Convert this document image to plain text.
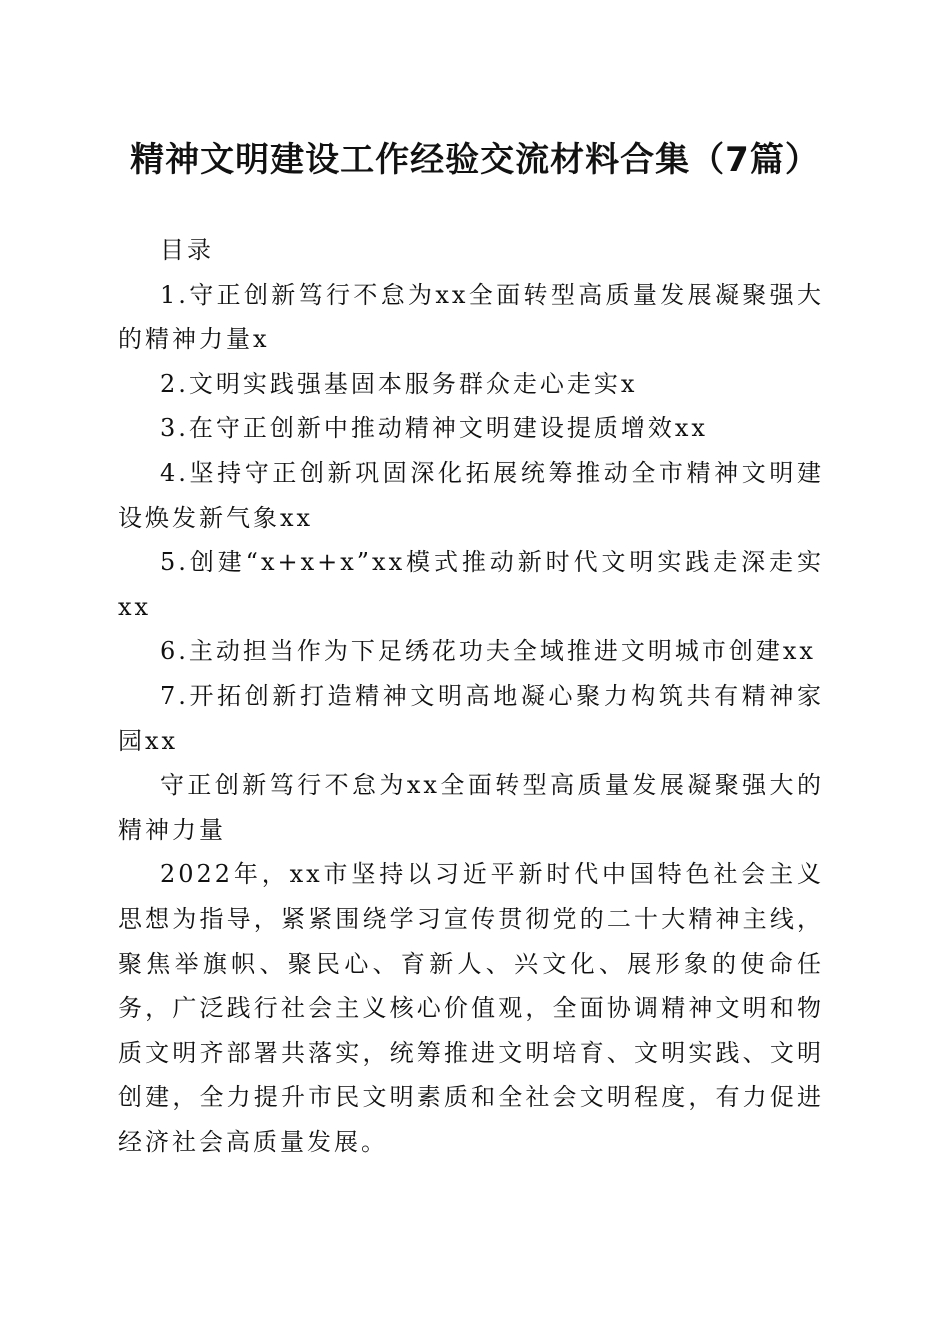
精神文明建设工作经验交流材料合集（7篇）

目录

1.守正创新笃行不怠为xx全面转型高质量发展凝聚强大的精神力量x

2.文明实践强基固本服务群众走心走实x

3.在守正创新中推动精神文明建设提质增效xx

4.坚持守正创新巩固深化拓展统筹推动全市精神文明建设焕发新气象xx

5.创建“x+x+x”xx模式推动新时代文明实践走深走实xx

6.主动担当作为下足绣花功夫全域推进文明城市创建xx

7.开拓创新打造精神文明高地凝心聚力构筑共有精神家园xx

守正创新笃行不怠为xx全面转型高质量发展凝聚强大的精神力量

2022年，xx市坚持以习近平新时代中国特色社会主义思想为指导，紧紧围绕学习宣传贯彻党的二十大精神主线，聚焦举旗帜、聚民心、育新人、兴文化、展形象的使命任务，广泛践行社会主义核心价值观，全面协调精神文明和物质文明齐部署共落实，统筹推进文明培育、文明实践、文明创建，全力提升市民文明素质和全社会文明程度，有力促进经济社会高质量发展。
